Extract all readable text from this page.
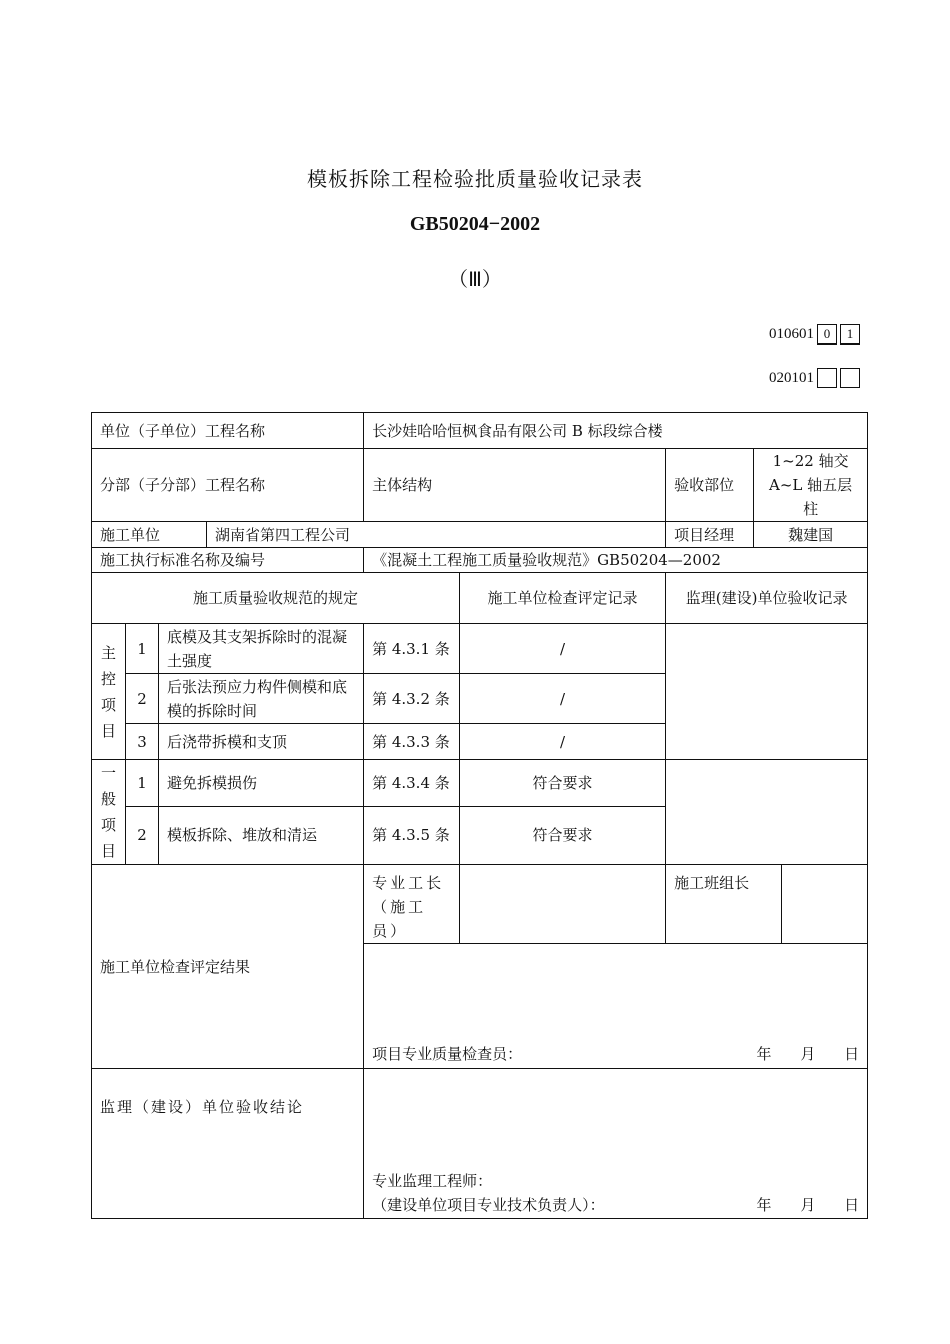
模板拆除工程检验批质量验收记录表
GB50204−2002
（Ⅲ）
010601 0	1
020101
单位（子单位）工程名称				长沙娃哈哈恒枫食品有限公司 B 标段综合楼				
分部（子分部）工程名称				主体结构		验收部位	1~22 轴交 A~L 轴五层柱	
施工单位			湖南省第四工程公司			项目经理	魏建国	
施工执行标准名称及编号				《混凝土工程施工质量验收规范》GB50204—2002				
施工质量验收规范的规定					施工单位检查评定记录	监理(建设)单位验收记录		

主
控
项
目	1	底模及其支架拆除时的混凝土强度		第 4.3.1 条	/			
	2	后张法预应力构件侧模和底模的拆除时间		第 4.3.2 条	/			
	3	后浇带拆模和支顶		第 4.3.3 条	/			

一
般
项
目	1	避免拆模损伤		第 4.3.4 条	符合要求			
	2	模板拆除、堆放和清运		第 4.3.5 条	符合要求			
施工单位检查评定结果				专业工长（施工员）		施工班组长		

				项目专业质量检查员： 年 月 日				

监理（建设）单位验收结论				专业监理工程师：
（建设单位项目专业技术负责人）： 年 月 日				
